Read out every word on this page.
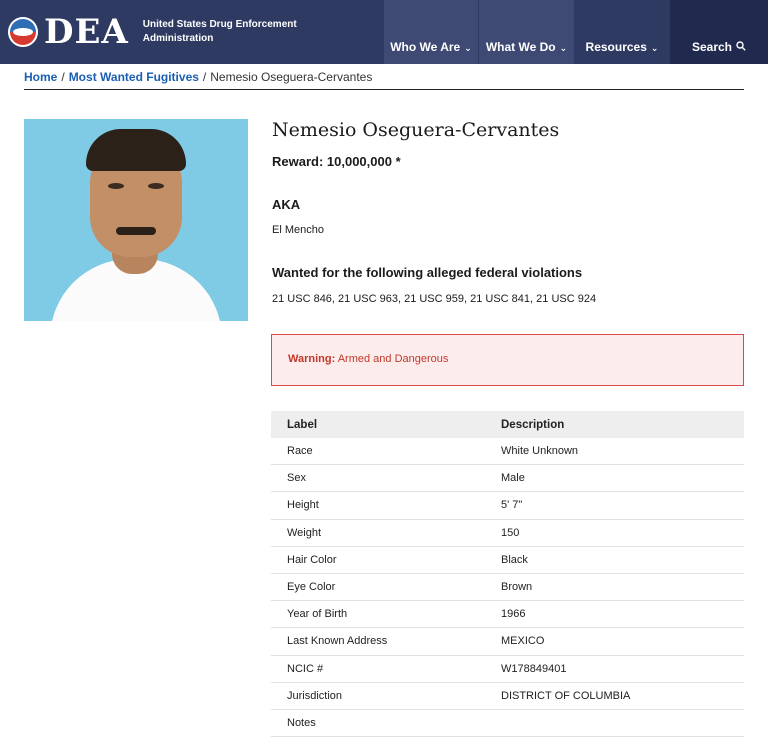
DEA United States Drug Enforcement
Administration
Who We Are ⌄ What We Do ⌄ Resources ⌄	Search
Home / Most Wanted Fugitives / Nemesio Oseguera-Cervantes
Nemesio Oseguera-Cervantes
Reward: 10,000,000 *
AKA
El Mencho
Wanted for the following alleged federal violations
21 USC 846, 21 USC 963, 21 USC 959, 21 USC 841, 21 USC 924
Warning: Armed and Dangerous
Label	Description
Race	White Unknown
Sex	Male
Height	5' 7"
Weight	150
Hair Color	Black
Eye Color	Brown
Year of Birth	1966
Last Known Address	MEXICO
NCIC #	W178849401
Jurisdiction	DISTRICT OF COLUMBIA
Notes
